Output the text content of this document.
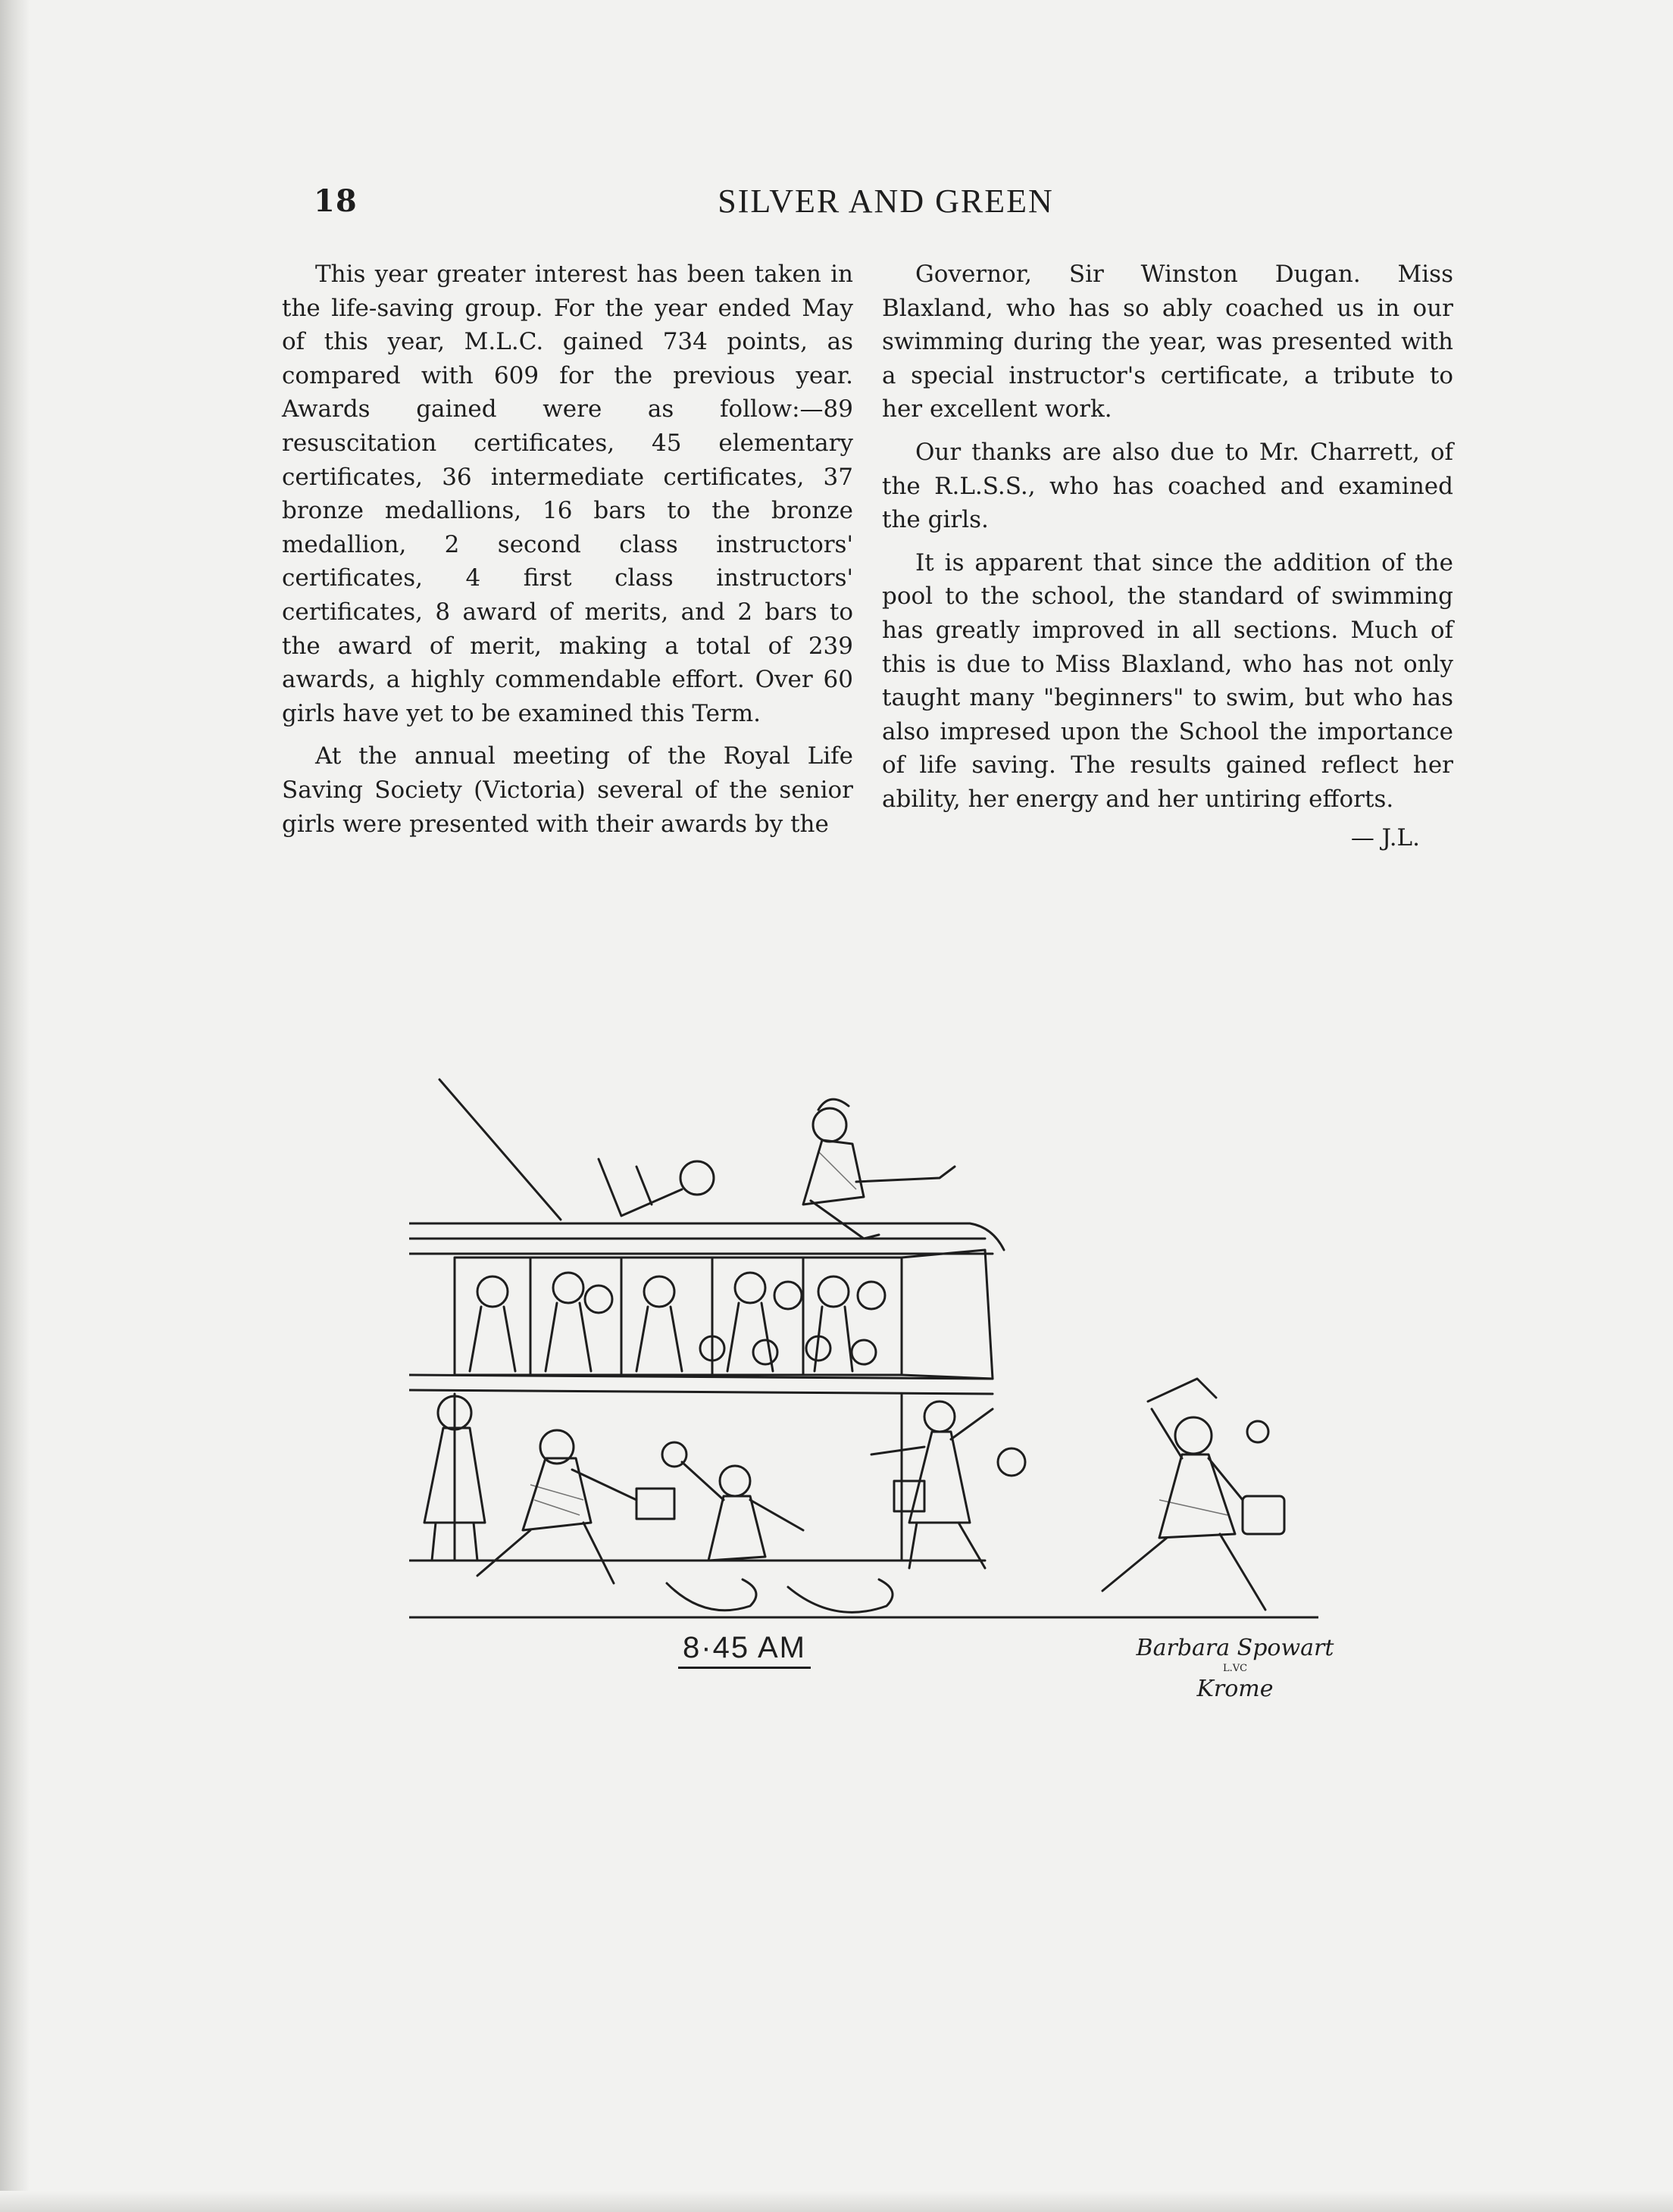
18	SILVER AND GREEN

This year greater interest has been taken in the life-saving group. For the year ended May of this year, M.L.C. gained 734 points, as compared with 609 for the previous year. Awards gained were as follow:—89 resuscitation certificates, 45 elementary certificates, 36 intermediate certificates, 37 bronze medallions, 16 bars to the bronze medallion, 2 second class instructors' certificates, 4 first class instructors' certificates, 8 award of merits, and 2 bars to the award of merit, making a total of 239 awards, a highly commendable effort. Over 60 girls have yet to be examined this Term.

At the annual meeting of the Royal Life Saving Society (Victoria) several of the senior girls were presented with their awards by the

Governor, Sir Winston Dugan. Miss Blaxland, who has so ably coached us in our swimming during the year, was presented with a special instructor's certificate, a tribute to her excellent work.

Our thanks are also due to Mr. Charrett, of the R.L.S.S., who has coached and examined the girls.

It is apparent that since the addition of the pool to the school, the standard of swimming has greatly improved in all sections. Much of this is due to Miss Blaxland, who has not only taught many "beginners" to swim, but who has also impresed upon the School the importance of life saving. The results gained reflect her ability, her energy and her untiring efforts.

— J.L.
8·45 AM	Barbara Spowart
L.VC
Krome
